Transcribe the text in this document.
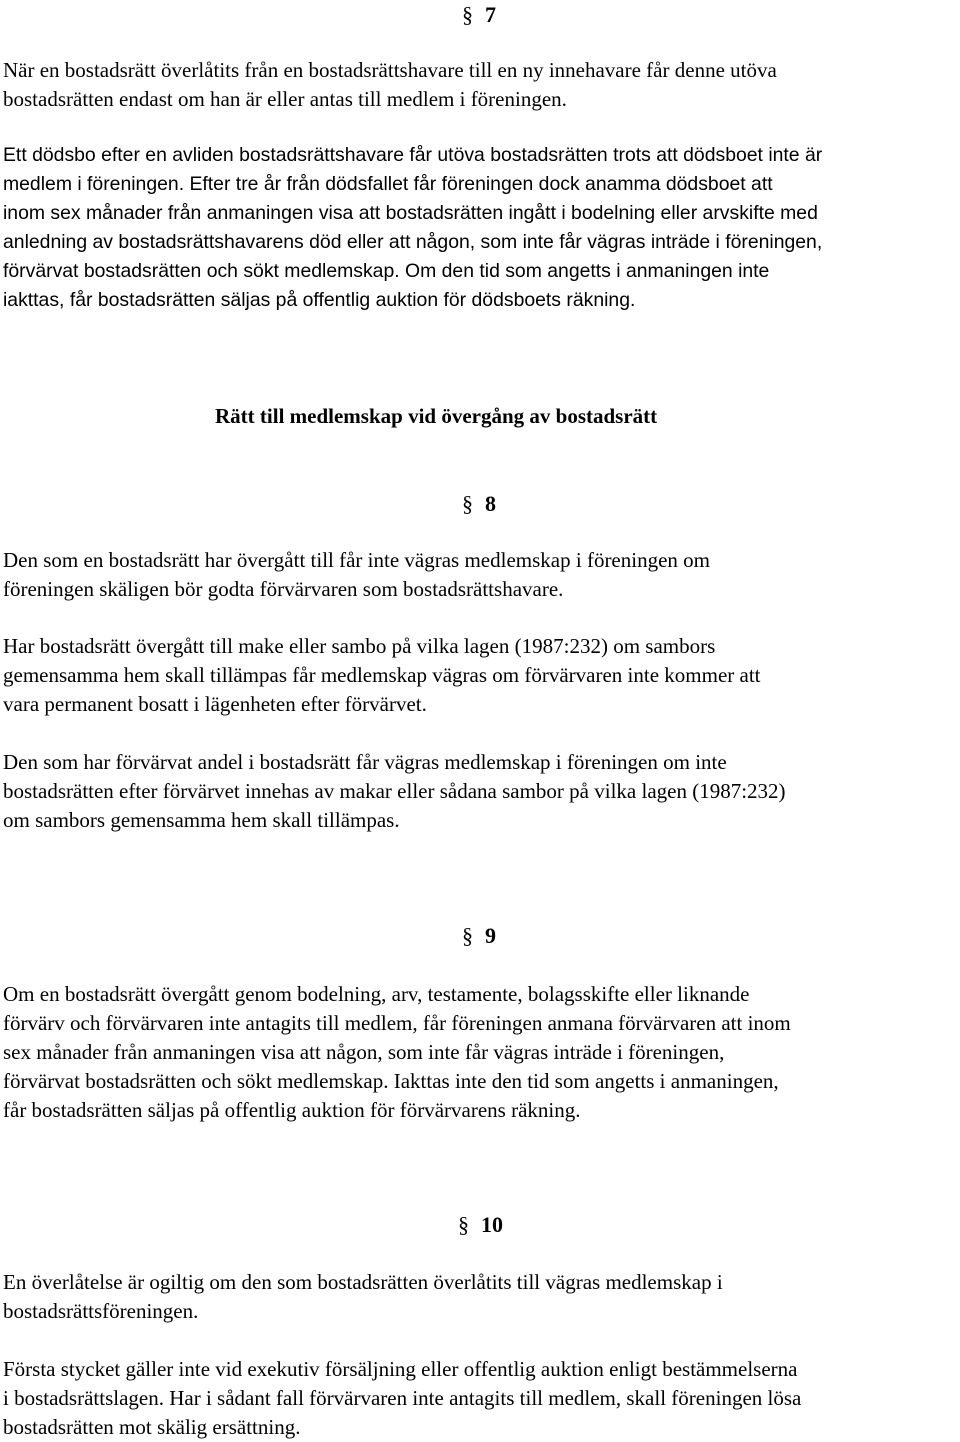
§ 7

När en bostadsrätt överlåtits från en bostadsrättshavare till en ny innehavare får denne utöva

bostadsrätten endast om han är eller antas till medlem i föreningen.

Ett dödsbo efter en avliden bostadsrättshavare får utöva bostadsrätten trots att dödsboet inte är

medlem i föreningen. Efter tre år från dödsfallet får föreningen dock anamma dödsboet att

inom sex månader från anmaningen visa att bostadsrätten ingått i bodelning eller arvskifte med

anledning av bostadsrättshavarens död eller att någon, som inte får vägras inträde i föreningen,

förvärvat bostadsrätten och sökt medlemskap. Om den tid som angetts i anmaningen inte

iakttas, får bostadsrätten säljas på offentlig auktion för dödsboets räkning.

Rätt till medlemskap vid övergång av bostadsrätt
§ 8

Den som en bostadsrätt har övergått till får inte vägras medlemskap i föreningen om

föreningen skäligen bör godta förvärvaren som bostadsrättshavare.

Har bostadsrätt övergått till make eller sambo på vilka lagen (1987:232) om sambors

gemensamma hem skall tillämpas får medlemskap vägras om förvärvaren inte kommer att

vara permanent bosatt i lägenheten efter förvärvet.

Den som har förvärvat andel i bostadsrätt får vägras medlemskap i föreningen om inte

bostadsrätten efter förvärvet innehas av makar eller sådana sambor på vilka lagen (1987:232)

om sambors gemensamma hem skall tillämpas.

§ 9

Om en bostadsrätt övergått genom bodelning, arv, testamente, bolagsskifte eller liknande

förvärv och förvärvaren inte antagits till medlem, får föreningen anmana förvärvaren att inom

sex månader från anmaningen visa att någon, som inte får vägras inträde i föreningen,

förvärvat bostadsrätten och sökt medlemskap. Iakttas inte den tid som angetts i anmaningen,

får bostadsrätten säljas på offentlig auktion för förvärvarens räkning.

§ 10

En överlåtelse är ogiltig om den som bostadsrätten överlåtits till vägras medlemskap i

bostadsrättsföreningen.

Första stycket gäller inte vid exekutiv försäljning eller offentlig auktion enligt bestämmelserna

i bostadsrättslagen. Har i sådant fall förvärvaren inte antagits till medlem, skall föreningen lösa

bostadsrätten mot skälig ersättning.
